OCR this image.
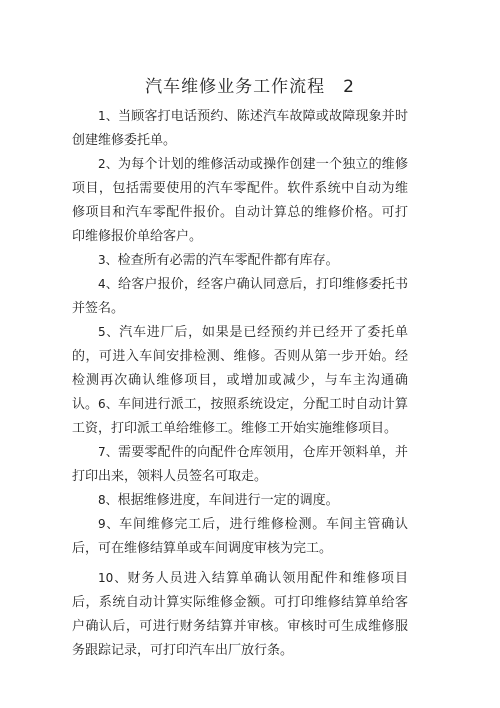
汽车维修业务工作流程 2
1、当顾客打电话预约、陈述汽车故障或故障现象并时创建维修委托单。
2、为每个计划的维修活动或操作创建一个独立的维修项目，包括需要使用的汽车零配件。软件系统中自动为维修项目和汽车零配件报价。自动计算总的维修价格。可打印维修报价单给客户。
3、检查所有必需的汽车零配件都有库存。
4、给客户报价，经客户确认同意后，打印维修委托书并签名。
5、汽车进厂后，如果是已经预约并已经开了委托单的，可进入车间安排检测、维修。否则从第一步开始。经检测再次确认维修项目，或增加或减少，与车主沟通确认。 6、车间进行派工，按照系统设定，分配工时自动计算工资，打印派工单给维修工。维修工开始实施维修项目。
7、需要零配件的向配件仓库领用，仓库开领料单，并打印出来，领料人员签名可取走。
8、根据维修进度，车间进行一定的调度。
9、车间维修完工后，进行维修检测。车间主管确认后，可在维修结算单或车间调度审核为完工。
10、财务人员进入结算单确认领用配件和维修项目后，系统自动计算实际维修金额。可打印维修结算单给客户确认后，可进行财务结算并审核。审核时可生成维修服务跟踪记录，可打印汽车出厂放行条。
